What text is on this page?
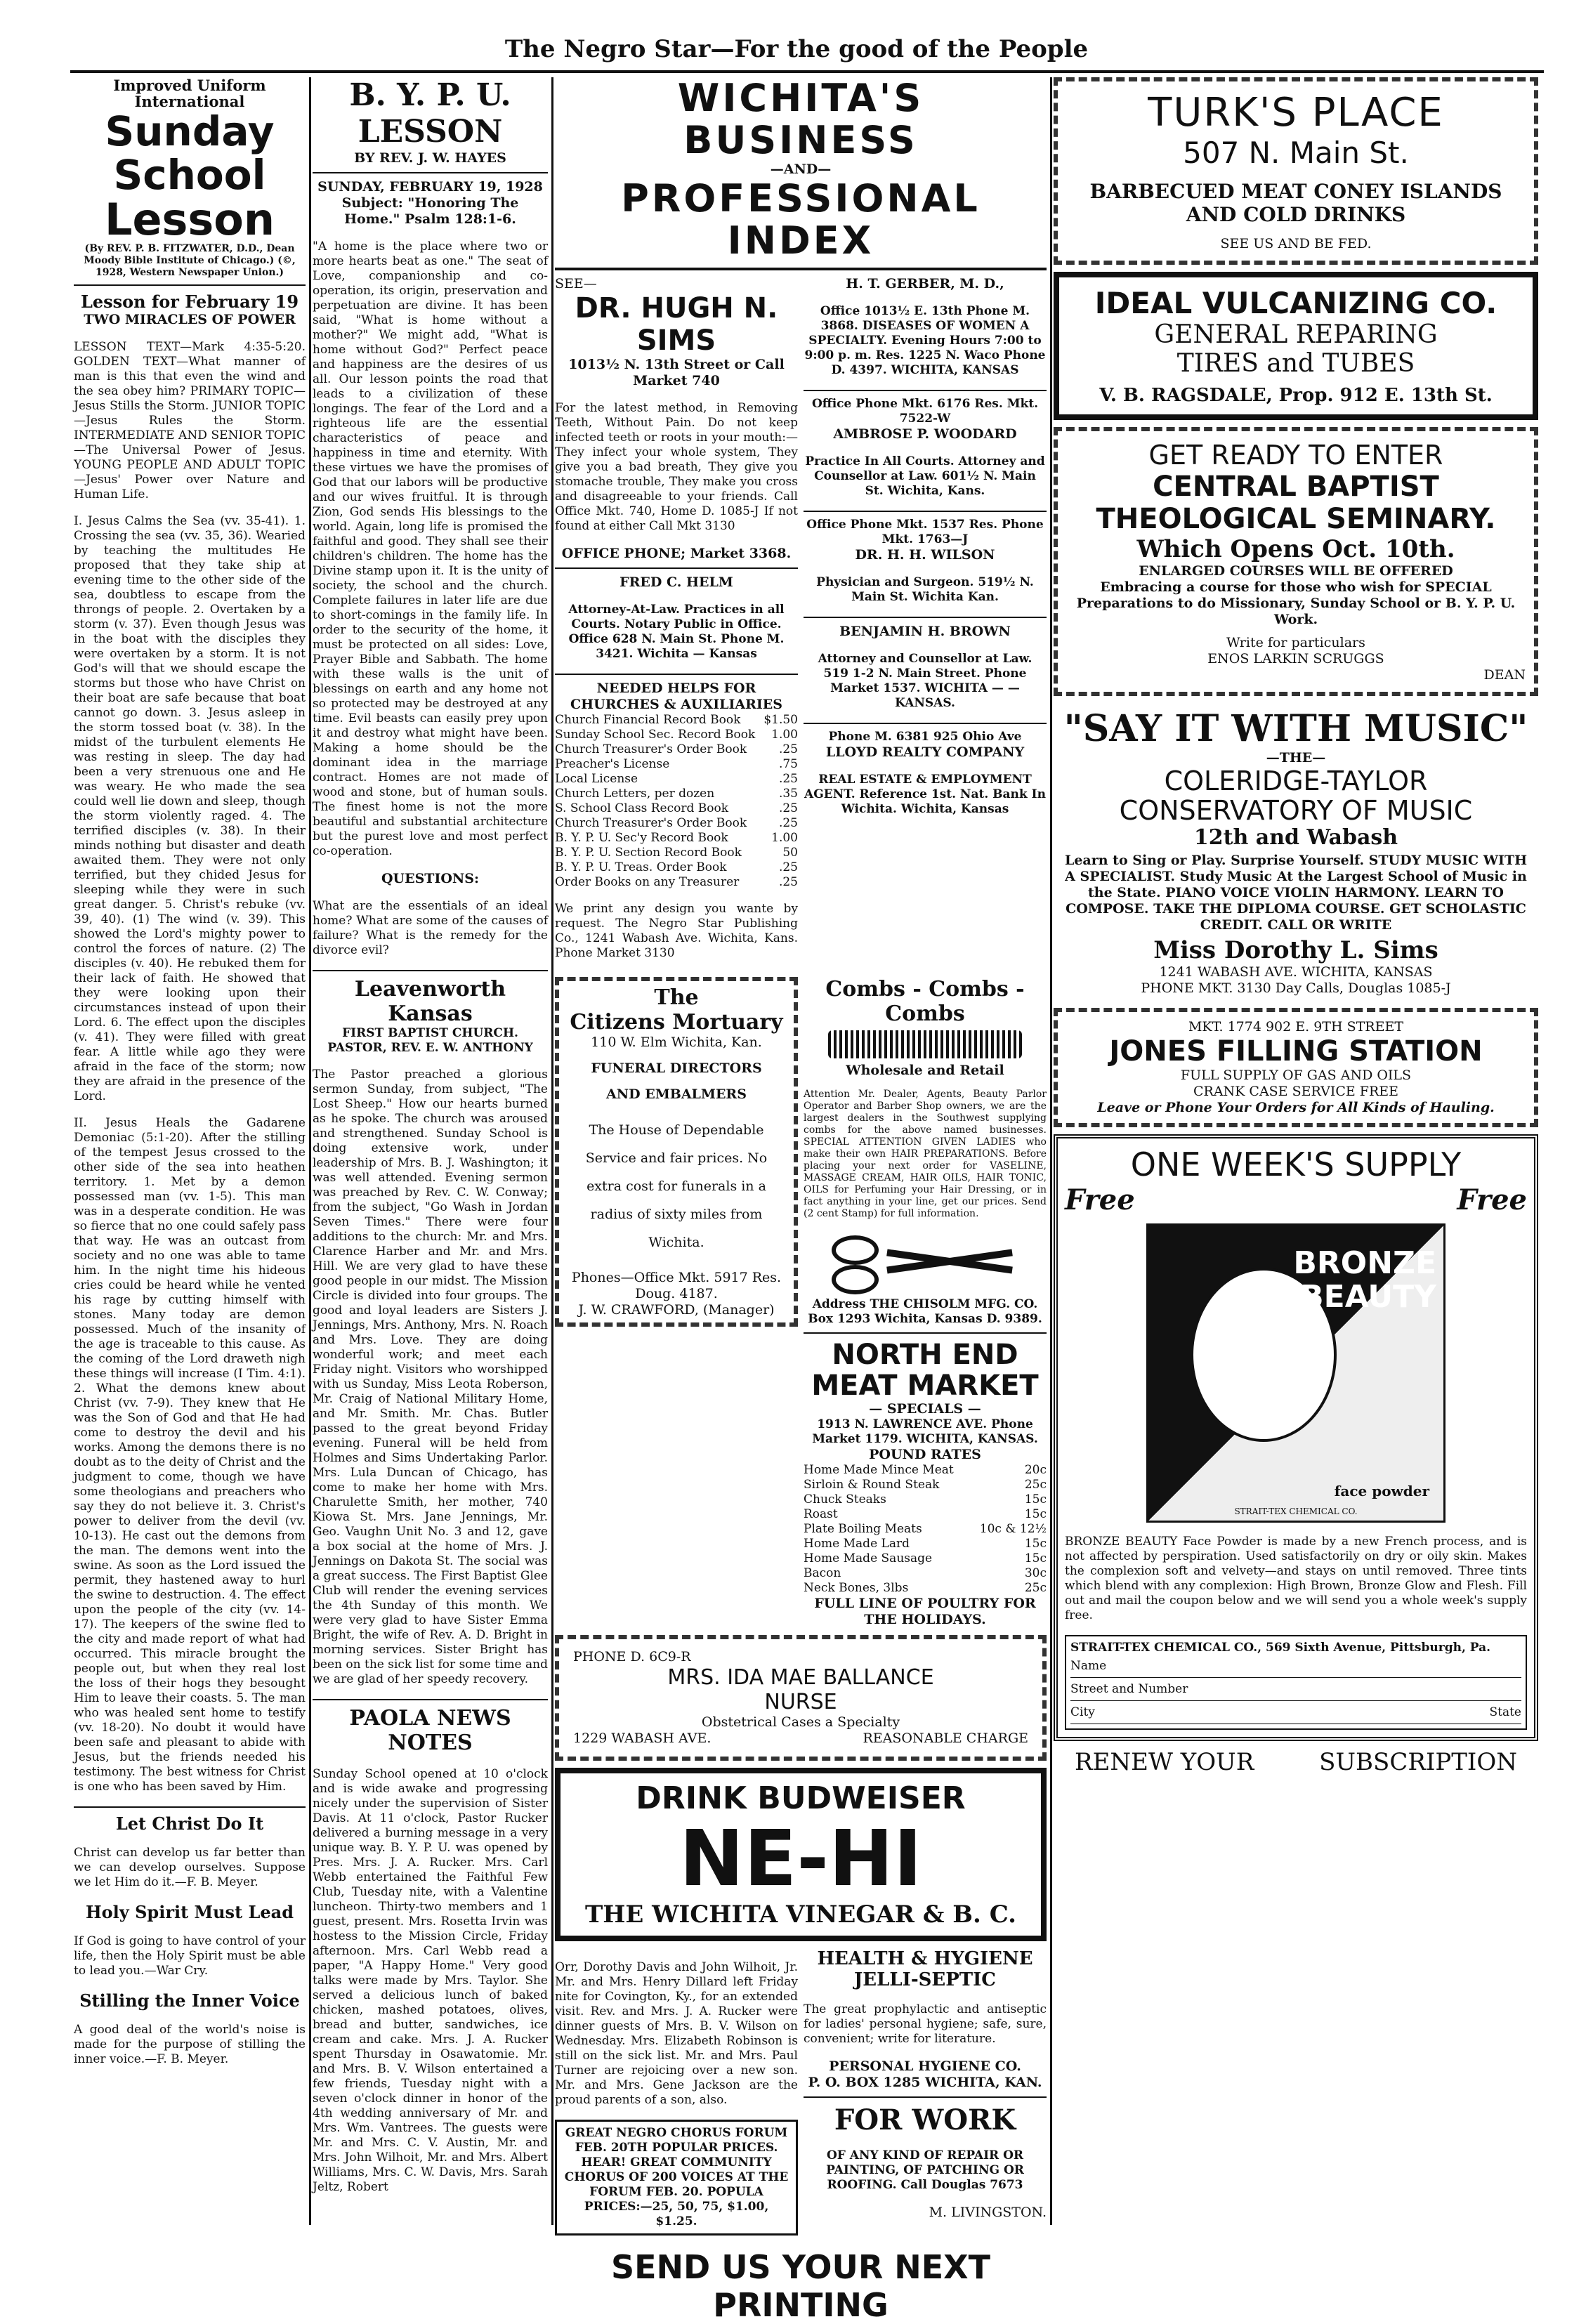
The Negro Star—For the good of the People
Improved Uniform International
Sunday School
Lesson
(By REV. P. B. FITZWATER, D.D., Dean Moody Bible Institute of Chicago.) (©, 1928, Western Newspaper Union.)
Lesson for February 19
TWO MIRACLES OF POWER

LESSON TEXT—Mark 4:35-5:20. GOLDEN TEXT—What manner of man is this that even the wind and the sea obey him? PRIMARY TOPIC—Jesus Stills the Storm. JUNIOR TOPIC—Jesus Rules the Storm. INTERMEDIATE AND SENIOR TOPIC—The Universal Power of Jesus. YOUNG PEOPLE AND ADULT TOPIC—Jesus' Power over Nature and Human Life.

I. Jesus Calms the Sea (vv. 35-41). 1. Crossing the sea (vv. 35, 36). Wearied by teaching the multitudes He proposed that they take ship at evening time to the other side of the sea, doubtless to escape from the throngs of people. 2. Overtaken by a storm (v. 37). Even though Jesus was in the boat with the disciples they were overtaken by a storm. It is not God's will that we should escape the storms but those who have Christ on their boat are safe because that boat cannot go down. 3. Jesus asleep in the storm tossed boat (v. 38). In the midst of the turbulent elements He was resting in sleep. The day had been a very strenuous one and He was weary. He who made the sea could well lie down and sleep, though the storm violently raged. 4. The terrified disciples (v. 38). In their minds nothing but disaster and death awaited them. They were not only terrified, but they chided Jesus for sleeping while they were in such great danger. 5. Christ's rebuke (vv. 39, 40). (1) The wind (v. 39). This showed the Lord's mighty power to control the forces of nature. (2) The disciples (v. 40). He rebuked them for their lack of faith. He showed that they were looking upon their circumstances instead of upon their Lord. 6. The effect upon the disciples (v. 41). They were filled with great fear. A little while ago they were afraid in the face of the storm; now they are afraid in the presence of the Lord.

II. Jesus Heals the Gadarene Demoniac (5:1-20). After the stilling of the tempest Jesus crossed to the other side of the sea into heathen territory. 1. Met by a demon possessed man (vv. 1-5). This man was in a desperate condition. He was so fierce that no one could safely pass that way. He was an outcast from society and no one was able to tame him. In the night time his hideous cries could be heard while he vented his rage by cutting himself with stones. Many today are demon possessed. Much of the insanity of the age is traceable to this cause. As the coming of the Lord draweth nigh these things will increase (I Tim. 4:1). 2. What the demons knew about Christ (vv. 7-9). They knew that He was the Son of God and that He had come to destroy the devil and his works. Among the demons there is no doubt as to the deity of Christ and the judgment to come, though we have some theologians and preachers who say they do not believe it. 3. Christ's power to deliver from the devil (vv. 10-13). He cast out the demons from the man. The demons went into the swine. As soon as the Lord issued the permit, they hastened away to hurl the swine to destruction. 4. The effect upon the people of the city (vv. 14-17). The keepers of the swine fled to the city and made report of what had occurred. This miracle brought the people out, but when they real lost the loss of their hogs they besought Him to leave their coasts. 5. The man who was healed sent home to testify (vv. 18-20). No doubt it would have been safe and pleasant to abide with Jesus, but the friends needed his testimony. The best witness for Christ is one who has been saved by Him.

Let Christ Do It

Christ can develop us far better than we can develop ourselves. Suppose we let Him do it.—F. B. Meyer.

Holy Spirit Must Lead

If God is going to have control of your life, then the Holy Spirit must be able to lead you.—War Cry.

Stilling the Inner Voice

A good deal of the world's noise is made for the purpose of stilling the inner voice.—F. B. Meyer.

B. Y. P. U. LESSON
BY REV. J. W. HAYES
SUNDAY, FEBRUARY 19, 1928
Subject: "Honoring The Home." Psalm 128:1-6.

"A home is the place where two or more hearts beat as one." The seat of Love, companionship and co-operation, its origin, preservation and perpetuation are divine. It has been said, "What is home without a mother?" We might add, "What is home without God?" Perfect peace and happiness are the desires of us all. Our lesson points the road that leads to a civilization of these longings. The fear of the Lord and a righteous life are the essential characteristics of peace and happiness in time and eternity. With these virtues we have the promises of God that our labors will be productive and our wives fruitful. It is through Zion, God sends His blessings to the world. Again, long life is promised the faithful and good. They shall see their children's children. The home has the Divine stamp upon it. It is the unity of society, the school and the church. Complete failures in later life are due to short-comings in the family life. In order to the security of the home, it must be protected on all sides: Love, Prayer Bible and Sabbath. The home with these walls is the unit of blessings on earth and any home not so protected may be destroyed at any time. Evil beasts can easily prey upon it and destroy what might have been. Making a home should be the dominant idea in the marriage contract. Homes are not made of wood and stone, but of human souls. The finest home is not the more beautiful and substantial architecture but the purest love and most perfect co-operation.

QUESTIONS:

What are the essentials of an ideal home? What are some of the causes of failure? What is the remedy for the divorce evil?

Leavenworth Kansas
FIRST BAPTIST CHURCH. PASTOR, REV. E. W. ANTHONY

The Pastor preached a glorious sermon Sunday, from subject, "The Lost Sheep." How our hearts burned as he spoke. The church was aroused and strengthened. Sunday School is doing extensive work, under leadership of Mrs. B. J. Washington; it was well attended. Evening sermon was preached by Rev. C. W. Conway; from the subject, "Go Wash in Jordan Seven Times." There were four additions to the church: Mr. and Mrs. Clarence Harber and Mr. and Mrs. Hill. We are very glad to have these good people in our midst. The Mission Circle is divided into four groups. The good and loyal leaders are Sisters J. Jennings, Mrs. Anthony, Mrs. N. Roach and Mrs. Love. They are doing wonderful work; and meet each Friday night. Visitors who worshipped with us Sunday, Miss Leota Roberson, Mr. Craig of National Military Home, and Mr. Smith. Mr. Chas. Butler passed to the great beyond Friday evening. Funeral will be held from Holmes and Sims Undertaking Parlor. Mrs. Lula Duncan of Chicago, has come to make her home with Mrs. Charulette Smith, her mother, 740 Kiowa St. Mrs. Jane Jennings, Mr. Geo. Vaughn Unit No. 3 and 12, gave a box social at the home of Mrs. J. Jennings on Dakota St. The social was a great success. The First Baptist Glee Club will render the evening services the 4th Sunday of this month. We were very glad to have Sister Emma Bright, the wife of Rev. A. D. Bright in morning services. Sister Bright has been on the sick list for some time and we are glad of her speedy recovery.

PAOLA NEWS NOTES

Sunday School opened at 10 o'clock and is wide awake and progressing nicely under the supervision of Sister Davis. At 11 o'clock, Pastor Rucker delivered a burning message in a very unique way. B. Y. P. U. was opened by Pres. Mrs. J. A. Rucker. Mrs. Carl Webb entertained the Faithful Few Club, Tuesday nite, with a Valentine luncheon. Thirty-two members and 1 guest, present. Mrs. Rosetta Irvin was hostess to the Mission Circle, Friday afternoon. Mrs. Carl Webb read a paper, "A Happy Home." Very good talks were made by Mrs. Taylor. She served a delicious lunch of baked chicken, mashed potatoes, olives, bread and butter, sandwiches, ice cream and cake. Mrs. J. A. Rucker spent Thursday in Osawatomie. Mr. and Mrs. B. V. Wilson entertained a few friends, Tuesday night with a seven o'clock dinner in honor of the 4th wedding anniversary of Mr. and Mrs. Wm. Vantrees. The guests were Mr. and Mrs. C. V. Austin, Mr. and Mrs. John Wilhoit, Mr. and Mrs. Albert Williams, Mrs. C. W. Davis, Mrs. Sarah Jeltz, Robert

WICHITA'S BUSINESS
—AND—
PROFESSIONAL INDEX
SEE—
DR. HUGH N. SIMS
1013½ N. 13th Street or Call Market 740

For the latest method, in Removing Teeth, Without Pain. Do not keep infected teeth or roots in your mouth:— They infect your whole system, They give you a bad breath, They give you stomache trouble, They make you cross and disagreeable to your friends. Call Office Mkt. 740, Home D. 1085-J If not found at either Call Mkt 3130

OFFICE PHONE; Market 3368.
FRED C. HELM

Attorney-At-Law. Practices in all Courts. Notary Public in Office. Office 628 N. Main St. Phone M. 3421. Wichita — Kansas

NEEDED HELPS FOR CHURCHES & AUXILIARIES
Church Financial Record Book $1.50
Sunday School Sec. Record Book 1.00
Church Treasurer's Order Book	.25
Preacher's License	.75
Local License	.25
Church Letters, per dozen	.35
S. School Class Record Book	.25
Church Treasurer's Order Book	.25
B. Y. P. U. Sec'y Record Book	1.00
B. Y. P. U. Section Record Book	50
B. Y. P. U. Treas. Order Book	.25
Order Books on any Treasurer	.25

We print any design you wante by request. The Negro Star Publishing Co., 1241 Wabash Ave. Wichita, Kans. Phone Market 3130

H. T. GERBER, M. D.,

Office 1013½ E. 13th Phone M. 3868. DISEASES OF WOMEN A SPECIALTY. Evening Hours 7:00 to 9:00 p. m. Res. 1225 N. Waco Phone D. 4397. WICHITA, KANSAS

Office Phone Mkt. 6176 Res. Mkt. 7522-W
AMBROSE P. WOODARD

Practice In All Courts. Attorney and Counsellor at Law. 601½ N. Main St. Wichita, Kans.

Office Phone Mkt. 1537 Res. Phone Mkt. 1763—J
DR. H. H. WILSON

Physician and Surgeon. 519½ N. Main St. Wichita Kan.

BENJAMIN H. BROWN

Attorney and Counsellor at Law. 519 1-2 N. Main Street. Phone Market 1537. WICHITA — — KANSAS.

Phone M. 6381 925 Ohio Ave
LLOYD REALTY COMPANY

REAL ESTATE & EMPLOYMENT AGENT. Reference 1st. Nat. Bank In Wichita. Wichita, Kansas

The
Citizens Mortuary
110 W. Elm Wichita, Kan.
FUNERAL DIRECTORS
AND EMBALMERS

The House of Dependable Service and fair prices. No extra cost for funerals in a radius of sixty miles from Wichita.

Phones—Office Mkt. 5917 Res. Doug. 4187.
J. W. CRAWFORD, (Manager)
Combs - Combs - Combs
Wholesale and Retail

Attention Mr. Dealer, Agents, Beauty Parlor Operator and Barber Shop owners, we are the largest dealers in the Southwest supplying combs for the above named businesses. SPECIAL ATTENTION GIVEN LADIES who make their own HAIR PREPARATIONS. Before placing your next order for VASELINE, MASSAGE CREAM, HAIR OILS, HAIR TONIC, OILS for Perfuming your Hair Dressing, or in fact anything in your line, get our prices. Send (2 cent Stamp) for full information.

Address THE CHISOLM MFG. CO. Box 1293 Wichita, Kansas D. 9389.
NORTH END MEAT MARKET
— SPECIALS —
1913 N. LAWRENCE AVE. Phone Market 1179. WICHITA, KANSAS.
POUND RATES
Home Made Mince Meat	20c
Sirloin & Round Steak	25c
Chuck Steaks	15c
Roast	15c
Plate Boiling Meats	10c & 12½
Home Made Lard	15c
Home Made Sausage	15c
Bacon	30c
Neck Bones, 3lbs	25c
FULL LINE OF POULTRY FOR THE HOLIDAYS.
PHONE D. 6C9-R
MRS. IDA MAE BALLANCE
NURSE
Obstetrical Cases a Specialty
1229 WABASH AVE.	REASONABLE CHARGE
DRINK BUDWEISER
NE-HI
THE WICHITA VINEGAR & B. C.

Orr, Dorothy Davis and John Wilhoit, Jr. Mr. and Mrs. Henry Dillard left Friday nite for Covington, Ky., for an extended visit. Rev. and Mrs. J. A. Rucker were dinner guests of Mrs. B. V. Wilson on Wednesday. Mrs. Elizabeth Robinson is still on the sick list. Mr. and Mrs. Paul Turner are rejoicing over a new son. Mr. and Mrs. Gene Jackson are the proud parents of a son, also.

GREAT NEGRO CHORUS FORUM FEB. 20TH POPULAR PRICES. HEAR! GREAT COMMUNITY CHORUS OF 200 VOICES AT THE FORUM FEB. 20. POPULA PRICES:—25, 50, 75, $1.00, $1.25.

HEALTH & HYGIENE JELLI-SEPTIC

The great prophylactic and antiseptic for ladies' personal hygiene; safe, sure, convenient; write for literature.

PERSONAL HYGIENE CO.
P. O. BOX 1285 WICHITA, KAN.
FOR WORK

OF ANY KIND OF REPAIR OR PAINTING, OF PATCHING OR ROOFING. Call Douglas 7673

M. LIVINGSTON.
SEND US YOUR NEXT PRINTING
TURK'S PLACE
507 N. Main St.
BARBECUED MEAT CONEY ISLANDS
AND COLD DRINKS
SEE US AND BE FED.
IDEAL VULCANIZING CO.
GENERAL REPARING
TIRES and TUBES
V. B. RAGSDALE, Prop. 912 E. 13th St.
GET READY TO ENTER
CENTRAL BAPTIST THEOLOGICAL SEMINARY.
Which Opens Oct. 10th.
ENLARGED COURSES WILL BE OFFERED
Embracing a course for those who wish for SPECIAL Preparations to do Missionary, Sunday School or B. Y. P. U. Work.
Write for particulars
ENOS LARKIN SCRUGGS
DEAN
"SAY IT WITH MUSIC"
—THE—
COLERIDGE-TAYLOR CONSERVATORY OF MUSIC
12th and Wabash

Learn to Sing or Play. Surprise Yourself. STUDY MUSIC WITH A SPECIALIST. Study Music At the Largest School of Music in the State. PIANO VOICE VIOLIN HARMONY. LEARN TO COMPOSE. TAKE THE DIPLOMA COURSE. GET SCHOLASTIC CREDIT. CALL OR WRITE

Miss Dorothy L. Sims
1241 WABASH AVE. WICHITA, KANSAS
PHONE MKT. 3130 Day Calls, Douglas 1085-J
MKT. 1774 902 E. 9TH STREET
JONES FILLING STATION
FULL SUPPLY OF GAS AND OILS
CRANK CASE SERVICE FREE
Leave or Phone Your Orders for All Kinds of Hauling.
ONE WEEK'S SUPPLY
Free	Free
BRONZE BEAUTY
face powder
STRAIT-TEX CHEMICAL CO.

BRONZE BEAUTY Face Powder is made by a new French process, and is not affected by perspiration. Used satisfactorily on dry or oily skin. Makes the complexion soft and velvety—and stays on until removed. Three tints which blend with any complexion: High Brown, Bronze Glow and Flesh. Fill out and mail the coupon below and we will send you a whole week's supply free.

STRAIT-TEX CHEMICAL CO., 569 Sixth Avenue, Pittsburgh, Pa.
Name
Street and Number
City	State
RENEW YOUR	SUBSCRIPTION
